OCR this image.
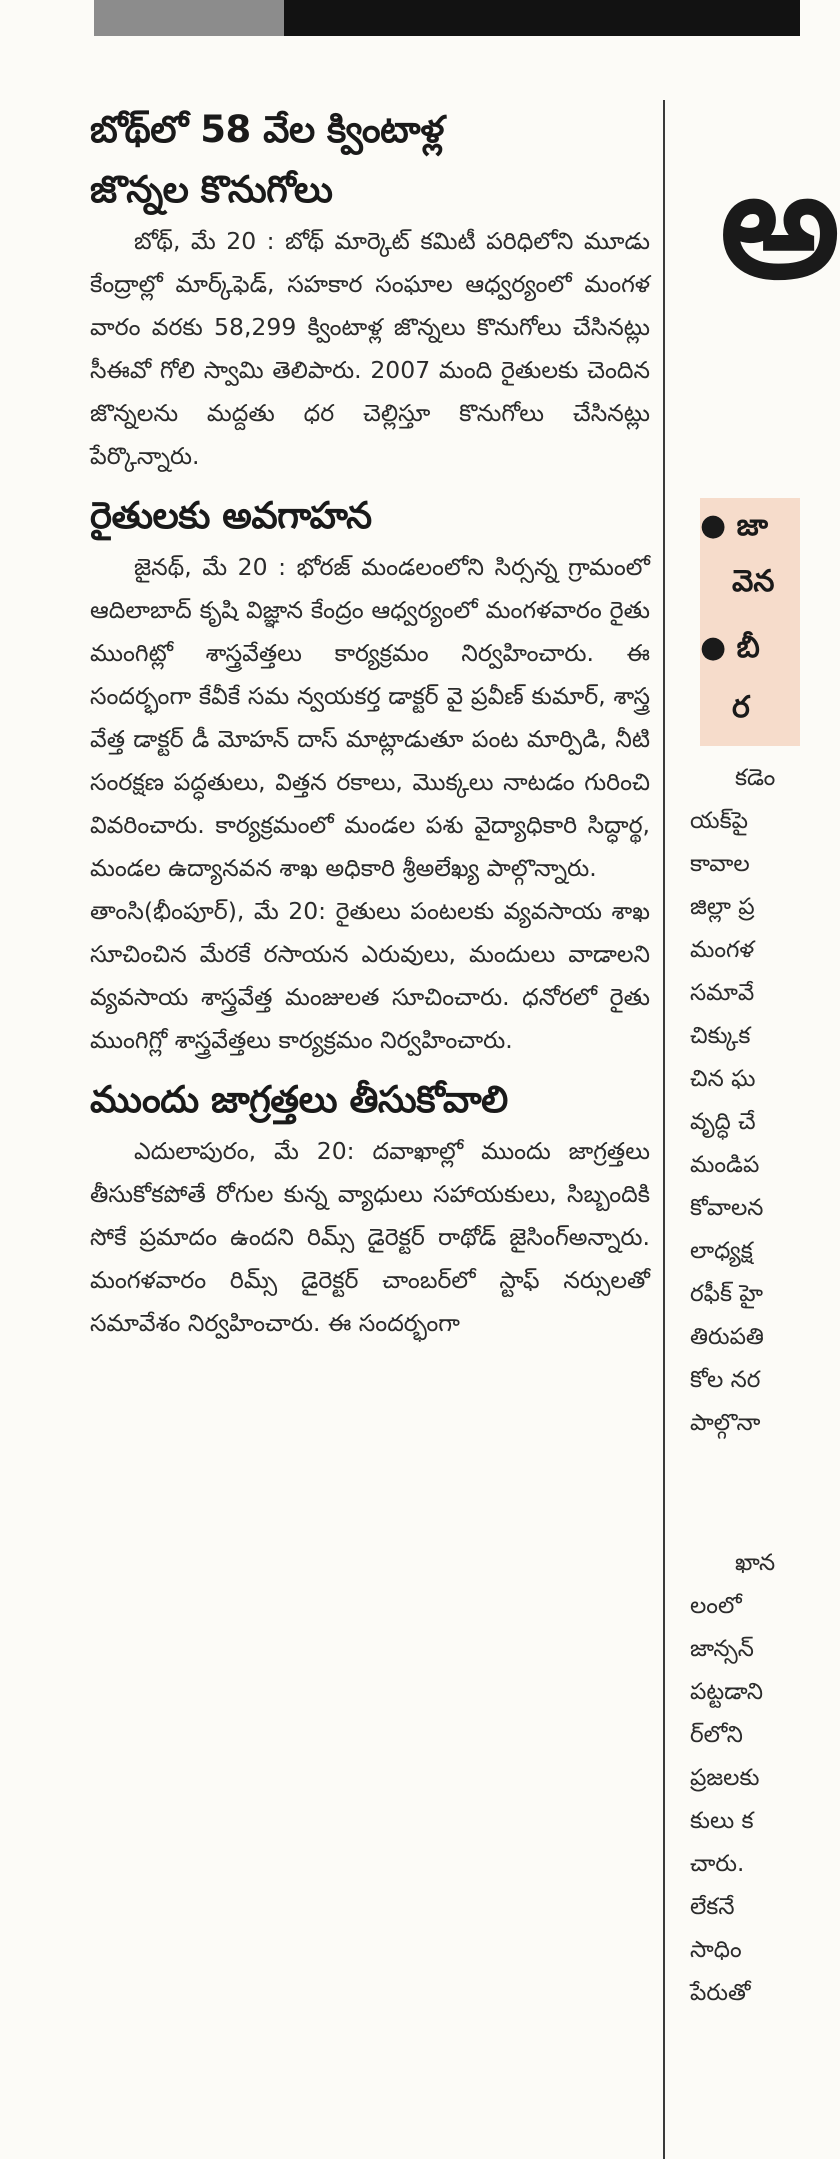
బోథ్‌లో 58 వేల క్వింటాళ్ల
జొన్నల కొనుగోలు

బోథ్, మే 20 : బోథ్ మార్కెట్ కమిటీ పరిధిలోని మూడు కేంద్రాల్లో మార్క్‌ఫెడ్, సహకార సంఘాల ఆధ్వర్యంలో మంగళ వారం వరకు 58,299 క్వింటాళ్ల జొన్నలు కొనుగోలు చేసినట్లు సీఈవో గోలి స్వామి తెలిపారు. 2007 మంది రైతులకు చెందిన జొన్నలను మద్దతు ధర చెల్లిస్తూ కొనుగోలు చేసినట్లు పేర్కొన్నారు.

రైతులకు అవగాహన

జైనథ్, మే 20 : భోరజ్ మండలంలోని సిర్సన్న గ్రామంలో ఆదిలాబాద్ కృషి విజ్ఞాన కేంద్రం ఆధ్వర్యంలో మంగళవారం రైతు ముంగిట్లో శాస్త్రవేత్తలు కార్యక్రమం నిర్వహించారు. ఈ సందర్భంగా కేవీకే సమ న్వయకర్త డాక్టర్ వై ప్రవీణ్ కుమార్, శాస్త్ర వేత్త డాక్టర్ డీ మోహన్ దాస్ మాట్లాడుతూ పంట మార్పిడి, నీటి సంరక్షణ పద్ధతులు, విత్తన రకాలు, మొక్కలు నాటడం గురించి వివరించారు. కార్యక్రమంలో మండల పశు వైద్యాధికారి సిద్ధార్థ, మండల ఉద్యానవన శాఖ అధికారి శ్రీఅలేఖ్య పాల్గొన్నారు.

తాంసి(భీంపూర్), మే 20: రైతులు పంటలకు వ్యవసాయ శాఖ సూచించిన మేరకే రసాయన ఎరువులు, మందులు వాడాలని వ్యవసాయ శాస్త్రవేత్త మంజులత సూచించారు. ధనోరలో రైతు ముంగిగ్లో శాస్త్రవేత్తలు కార్యక్రమం నిర్వహించారు.

ముందు జాగ్రత్తలు తీసుకోవాలి

ఎదులాపురం, మే 20: దవాఖాల్లో ముందు జాగ్రత్తలు తీసుకోకపోతే రోగుల కున్న వ్యాధులు సహాయకులు, సిబ్బందికి సోకే ప్రమాదం ఉందని రిమ్స్ డైరెక్టర్ రాథోడ్ జైసింగ్‌అన్నారు. మంగళవారం రిమ్స్ డైరెక్టర్ చాంబర్‌లో స్టాఫ్ నర్సులతో సమావేశం నిర్వహించారు. ఈ సందర్భంగా

అ
● జా
వెన
● బీ
ర
కడెం
యక్‌పై
కావాల
జిల్లా ప్ర
మంగళ
సమావే
చిక్కుక
చిన ఘ
వృద్ధి చే
మండిప
కోవాలన
లాధ్యక్ష
రఫీక్ హై
తిరుపతి
కోల నర
పాల్గొనా
ఖాన
లంలో
జాన్సన్
పట్టడాని
ర్‌లోని
ప్రజలకు
కులు క
చారు.
లేకనే
సాధిం
పేరుతో
